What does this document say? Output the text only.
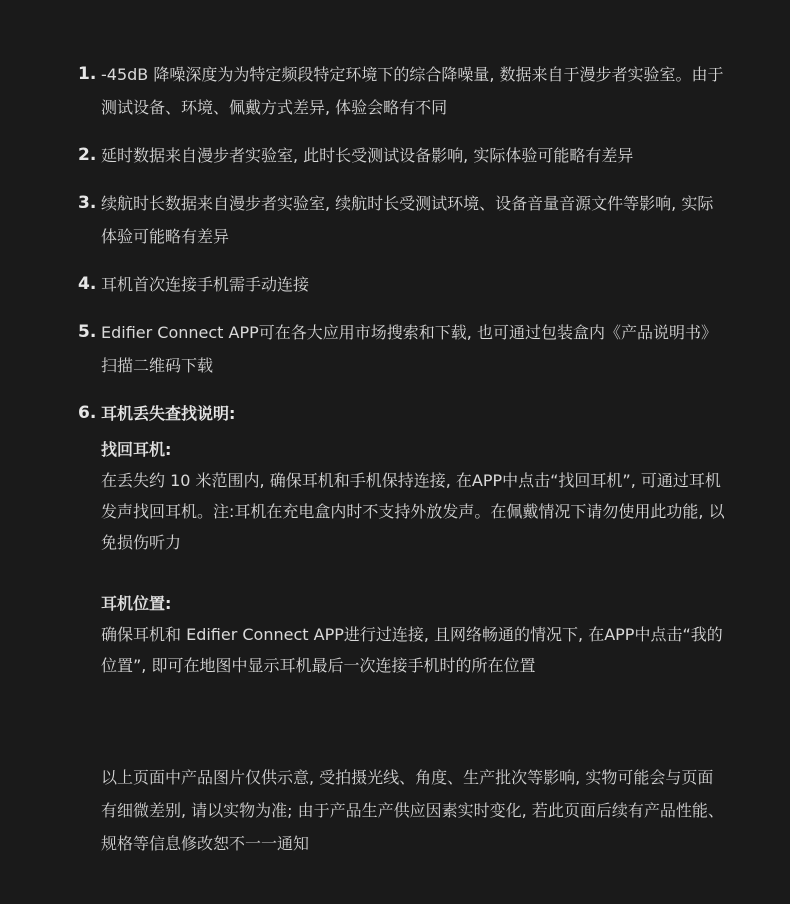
1. -45dB 降噪深度为为特定频段特定环境下的综合降噪量, 数据来自于漫步者实验室。由于测试设备、环境、佩戴方式差异, 体验会略有不同
2. 延时数据来自漫步者实验室, 此时长受测试设备影响, 实际体验可能略有差异
3. 续航时长数据来自漫步者实验室, 续航时长受测试环境、设备音量音源文件等影响, 实际体验可能略有差异
4. 耳机首次连接手机需手动连接
5. Edifier Connect APP可在各大应用市场搜索和下载, 也可通过包装盒内《产品说明书》扫描二维码下载
6. 耳机丢失查找说明:
找回耳机:
在丢失约 10 米范围内, 确保耳机和手机保持连接, 在APP中点击“找回耳机”, 可通过耳机发声找回耳机。注:耳机在充电盒内时不支持外放发声。在佩戴情况下请勿使用此功能, 以免损伤听力
耳机位置:
确保耳机和 Edifier Connect APP进行过连接, 且网络畅通的情况下, 在APP中点击“我的位置”, 即可在地图中显示耳机最后一次连接手机时的所在位置
以上页面中产品图片仅供示意, 受拍摄光线、角度、生产批次等影响, 实物可能会与页面有细微差别, 请以实物为准; 由于产品生产供应因素实时变化, 若此页面后续有产品性能、规格等信息修改恕不一一通知
